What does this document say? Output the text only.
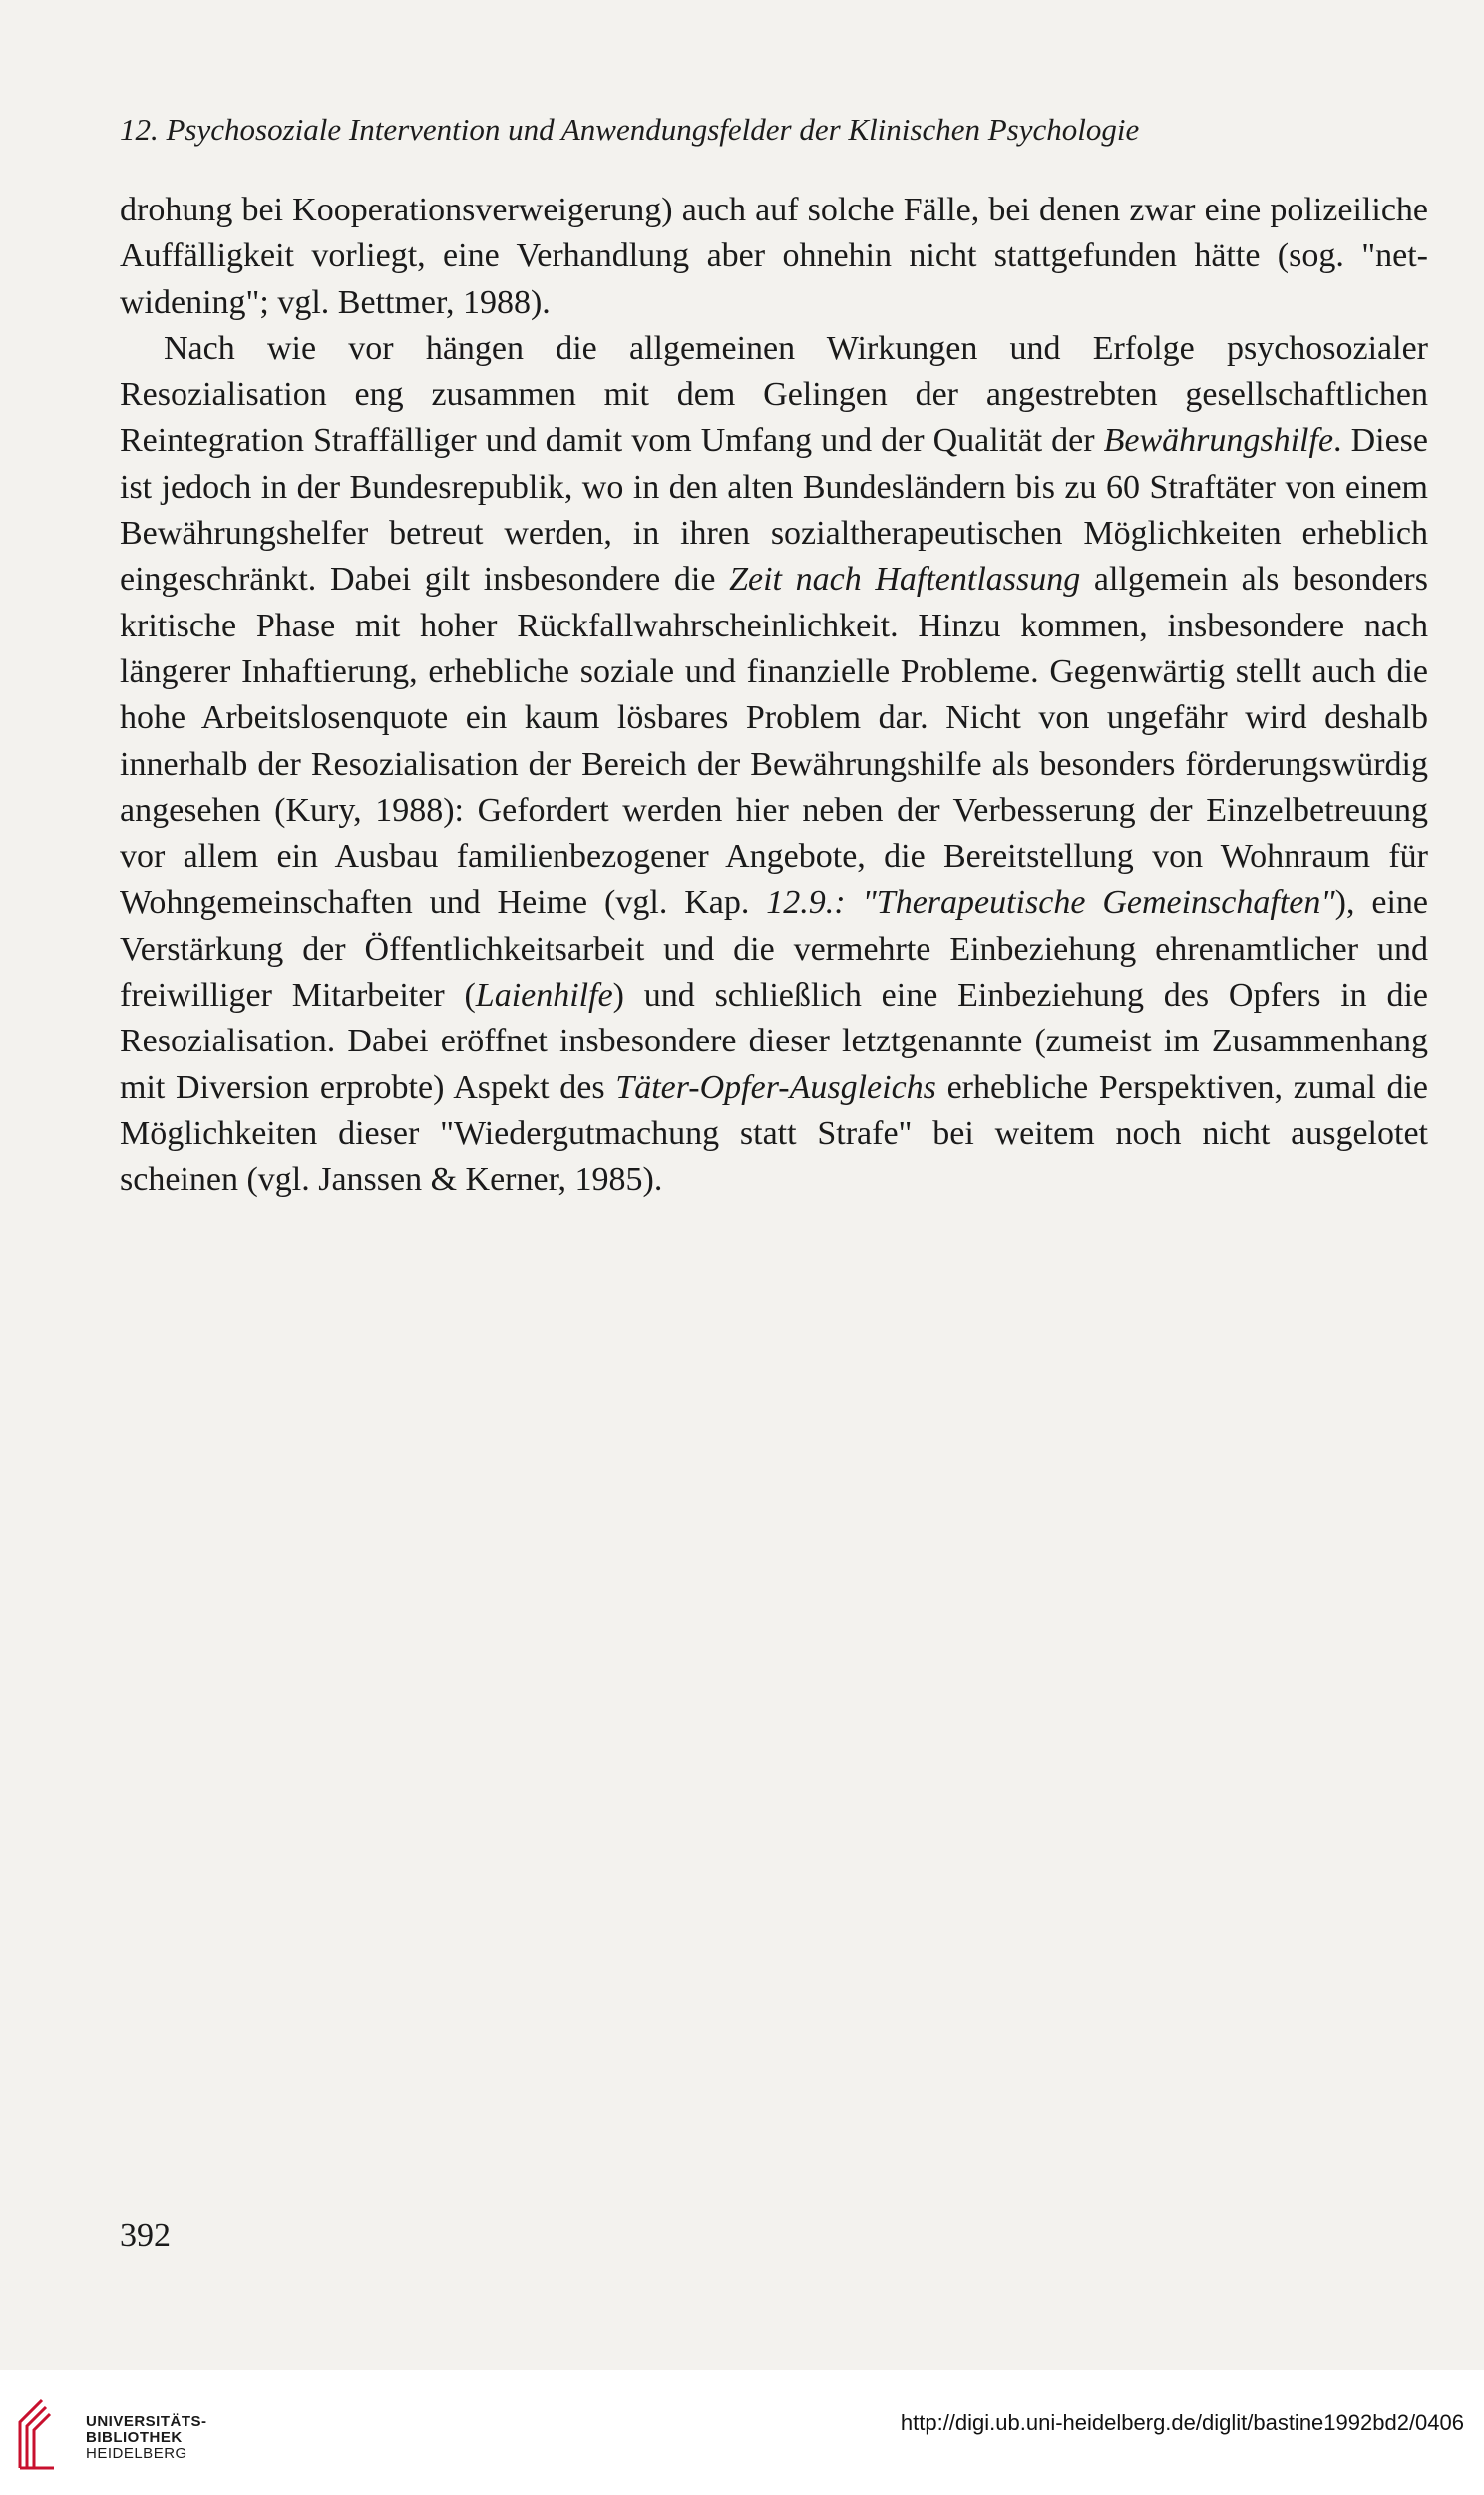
12. Psychosoziale Intervention und Anwendungsfelder der Klinischen Psychologie

drohung bei Kooperationsverweigerung) auch auf solche Fälle, bei denen zwar eine polizeiliche Auffälligkeit vorliegt, eine Verhandlung aber ohnehin nicht stattgefunden hätte (sog. "net-widening"; vgl. Bettmer, 1988).

Nach wie vor hängen die allgemeinen Wirkungen und Erfolge psychosozialer Resozialisation eng zusammen mit dem Gelingen der angestrebten gesellschaftlichen Reintegration Straffälliger und damit vom Umfang und der Qualität der Bewährungshilfe. Diese ist jedoch in der Bundesrepublik, wo in den alten Bundesländern bis zu 60 Straftäter von einem Bewährungshelfer betreut werden, in ihren sozialtherapeutischen Möglichkeiten erheblich eingeschränkt. Dabei gilt insbesondere die Zeit nach Haftentlassung allgemein als besonders kritische Phase mit hoher Rückfallwahrscheinlichkeit. Hinzu kommen, insbesondere nach längerer Inhaftierung, erhebliche soziale und finanzielle Probleme. Gegenwärtig stellt auch die hohe Arbeitslosenquote ein kaum lösbares Problem dar. Nicht von ungefähr wird deshalb innerhalb der Resozialisation der Bereich der Bewährungshilfe als besonders förderungswürdig angesehen (Kury, 1988): Gefordert werden hier neben der Verbesserung der Einzelbetreuung vor allem ein Ausbau familienbezogener Angebote, die Bereitstellung von Wohnraum für Wohngemeinschaften und Heime (vgl. Kap. 12.9.: "Therapeutische Gemeinschaften"), eine Verstärkung der Öffentlichkeitsarbeit und die vermehrte Einbeziehung ehrenamtlicher und freiwilliger Mitarbeiter (Laienhilfe) und schließlich eine Einbeziehung des Opfers in die Resozialisation. Dabei eröffnet insbesondere dieser letztgenannte (zumeist im Zusammenhang mit Diversion erprobte) Aspekt des Täter-Opfer-Ausgleichs erhebliche Perspektiven, zumal die Möglichkeiten dieser "Wiedergutmachung statt Strafe" bei weitem noch nicht ausgelotet scheinen (vgl. Janssen & Kerner, 1985).

392
UNIVERSITÄTS-
BIBLIOTHEK
HEIDELBERG
http://digi.ub.uni-heidelberg.de/diglit/bastine1992bd2/0406
